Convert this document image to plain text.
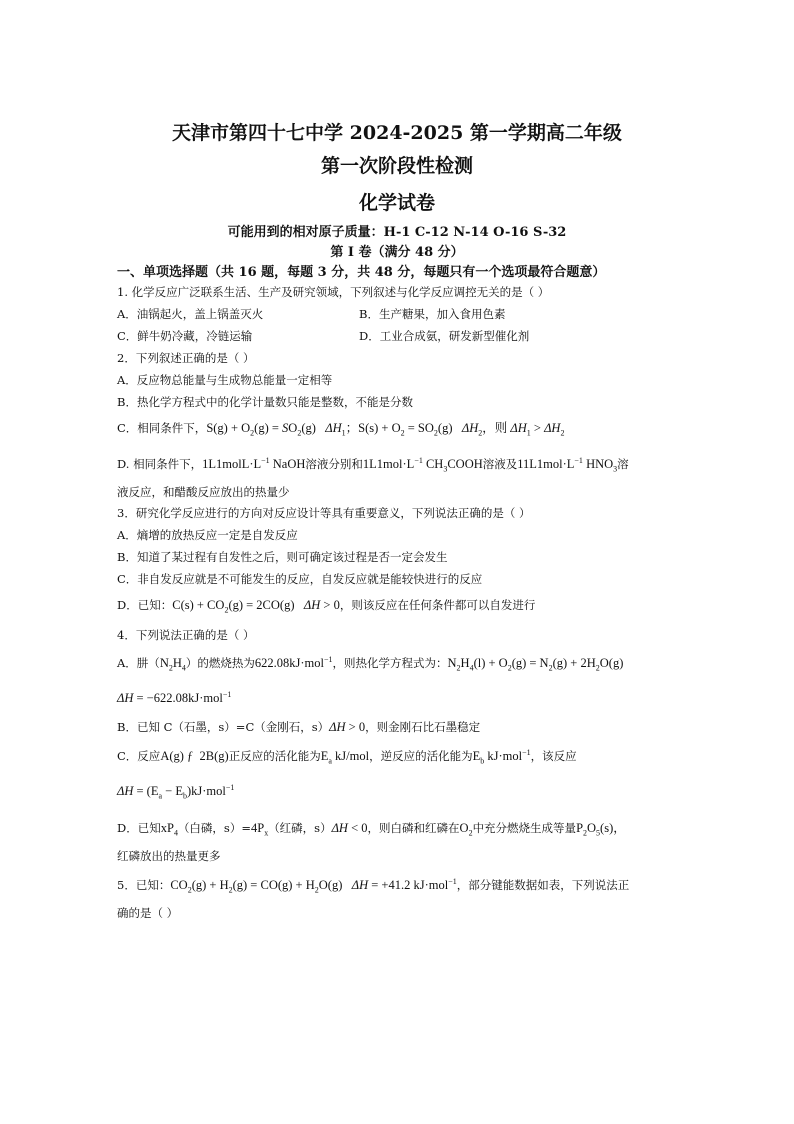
天津市第四十七中学 2024-2025 第一学期高二年级
第一次阶段性检测
化学试卷
可能用到的相对原子质量：H-1 C-12 N-14 O-16 S-32
第 I 卷（满分 48 分）
一、单项选择题（共 16 题，每题 3 分，共 48 分，每题只有一个选项最符合题意）
1. 化学反应广泛联系生活、生产及研究领域，下列叙述与化学反应调控无关的是（ ）
A．油锅起火，盖上锅盖灭火	B．生产糖果，加入食用色素
C．鲜牛奶冷藏，冷链运输	D．工业合成氨，研发新型催化剂
2．下列叙述正确的是（ ）
A．反应物总能量与生成物总能量一定相等
B．热化学方程式中的化学计量数只能是整数，不能是分数
C．相同条件下，$S(g) + O_2(g) = SO_2(g)$   $\Delta H_1$；$S(s) + O_2 = SO_2(g)$   $\Delta H_2$，则 $\Delta H_1 > \Delta H_2$
D. 相同条件下，$1L1molL\cdot L^{-1}$ NaOH溶液分别和$1L1mol\cdot L^{-1}$ $CH_3COOH$溶液及$11L1mol\cdot L^{-1}$ $HNO_3$溶
液反应，和醋酸反应放出的热量少
3．研究化学反应进行的方向对反应设计等具有重要意义，下列说法正确的是（ ）
A．熵增的放热反应一定是自发反应
B．知道了某过程有自发性之后，则可确定该过程是否一定会发生
C．非自发反应就是不可能发生的反应，自发反应就是能较快进行的反应
D．已知：$C(s) + CO_2(g) = 2CO(g) \Delta H > 0$，则该反应在任何条件都可以自发进行
4．下列说法正确的是（ ）
A．肼$(N_2H_4)$的燃烧热为622.08kJ·mol$^{-1}$，则热化学方程式为：$N_2H_4(l) + O_2(g) = N_2(g) + 2H_2O(g)$
ΔH = −622.08kJ·mol$^{-1}$
B．已知 C（石墨，s）=C（金刚石，s）ΔH > 0，则金刚石比石墨稳定
C．反应A(g) ƒ  2B(g)正反应的活化能为$E_a$ kJ/mol，逆反应的活化能为$E_b$ kJ·mol$^{-1}$，该反应
$\Delta H = (E_a - E_b)kJ\cdot mol^{-1}$
D．已知$xP_4$（白磷，$s)=4P_x$（红磷，s）ΔH < 0，则白磷和红磷在$O_2$中充分燃烧生成等量$P_2O_5(s)$，
红磷放出的热量更多
5．已知：$CO_2(g) + H_2(g) = CO(g) + H_2O(g) \Delta H = +41.2$ kJ·mol$^{-1}$，部分键能数据如表，下列说法正
确的是（ ）
